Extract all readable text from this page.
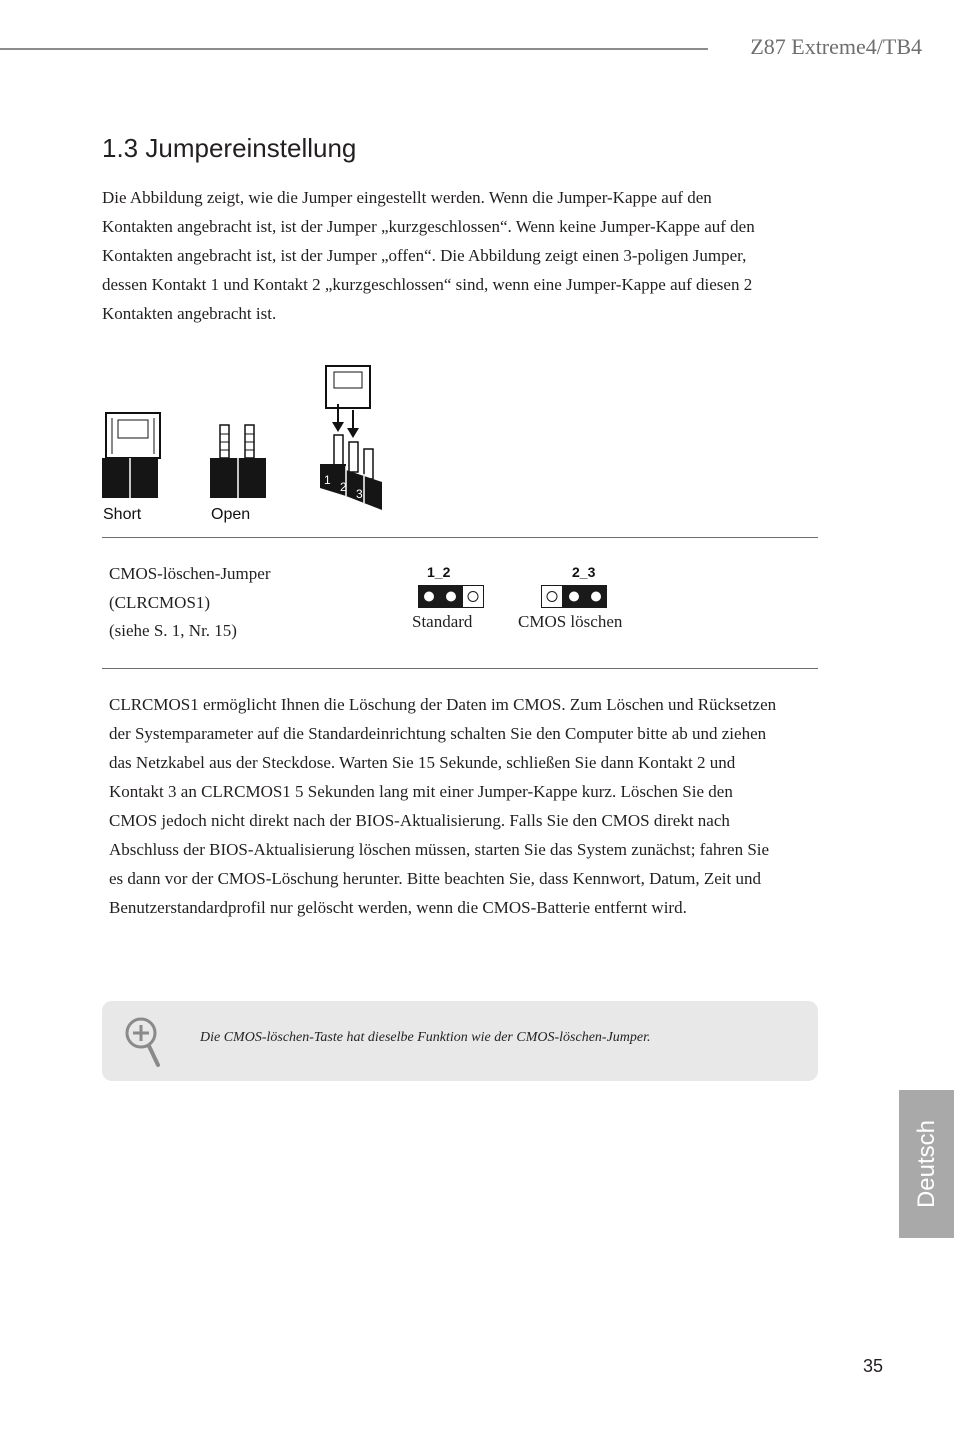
Z87 Extreme4/TB4
1.3 Jumpereinstellung

Die Abbildung zeigt, wie die Jumper eingestellt werden. Wenn die Jumper-Kappe auf den Kontakten angebracht ist, ist der Jumper „kurzgeschlossen“. Wenn keine Jumper-Kappe auf den Kontakten angebracht ist, ist der Jumper „offen“. Die Abbildung zeigt einen 3-poligen Jumper, dessen Kontakt 1 und Kontakt 2 „kurzgeschlossen“ sind, wenn eine Jumper-Kappe auf diesen 2 Kontakten angebracht ist.

1 2 3
Short	Open
CMOS-löschen-Jumper
(CLRCMOS1)
(siehe S. 1, Nr. 15)
1_2
Standard
2_3
CMOS löschen

CLRCMOS1 ermöglicht Ihnen die Löschung der Daten im CMOS. Zum Löschen und Rücksetzen der Systemparameter auf die Standardeinrichtung schalten Sie den Computer bitte ab und ziehen das Netzkabel aus der Steckdose. Warten Sie 15 Sekunde, schließen Sie dann Kontakt 2 und Kontakt 3 an CLRCMOS1 5 Sekunden lang mit einer Jumper-Kappe kurz. Löschen Sie den CMOS jedoch nicht direkt nach der BIOS-Aktualisierung. Falls Sie den CMOS direkt nach Abschluss der BIOS-Aktualisierung löschen müssen, starten Sie das System zunächst; fahren Sie es dann vor der CMOS-Löschung herunter. Bitte beachten Sie, dass Kennwort, Datum, Zeit und Benutzerstandardprofil nur gelöscht werden, wenn die CMOS-Batterie entfernt wird.

Die CMOS-löschen-Taste hat dieselbe Funktion wie der CMOS-löschen-Jumper.
Deutsch
35
